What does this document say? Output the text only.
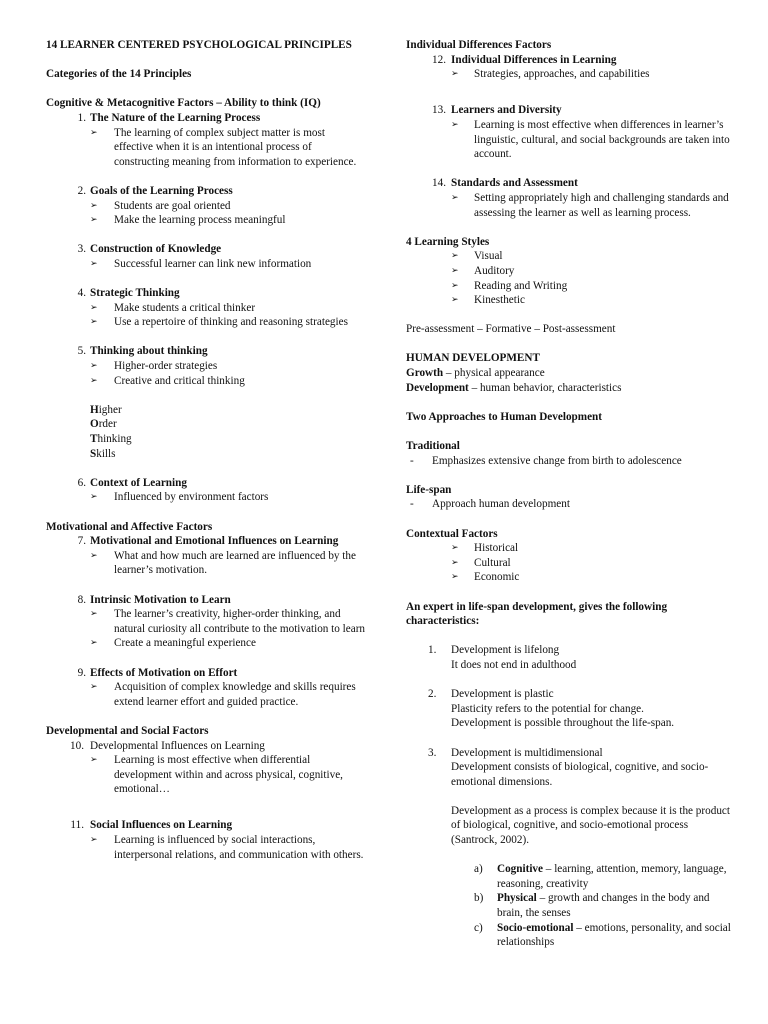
14 LEARNER CENTERED PSYCHOLOGICAL PRINCIPLES
Categories of the 14 Principles
Cognitive & Metacognitive Factors – Ability to think (IQ)
1. The Nature of the Learning Process
➢ The learning of complex subject matter is most effective when it is an intentional process of constructing meaning from information to experience.
2. Goals of the Learning Process
➢ Students are goal oriented
➢ Make the learning process meaningful
3. Construction of Knowledge
➢ Successful learner can link new information
4. Strategic Thinking
➢ Make students a critical thinker
➢ Use a repertoire of thinking and reasoning strategies
5. Thinking about thinking
➢ Higher-order strategies
➢ Creative and critical thinking
Higher
Order
Thinking
Skills
6. Context of Learning
➢ Influenced by environment factors
Motivational and Affective Factors
7. Motivational and Emotional Influences on Learning
➢ What and how much are learned are influenced by the learner’s motivation.
8. Intrinsic Motivation to Learn
➢ The learner’s creativity, higher-order thinking, and natural curiosity all contribute to the motivation to learn
➢ Create a meaningful experience
9. Effects of Motivation on Effort
➢ Acquisition of complex knowledge and skills requires extend learner effort and guided practice.
Developmental and Social Factors
10. Developmental Influences on Learning
➢ Learning is most effective when differential development within and across physical, cognitive, emotional…
11. Social Influences on Learning
➢ Learning is influenced by social interactions, interpersonal relations, and communication with others.
Individual Differences Factors
12. Individual Differences in Learning
➢ Strategies, approaches, and capabilities
13. Learners and Diversity
➢ Learning is most effective when differences in learner’s linguistic, cultural, and social backgrounds are taken into account.
14. Standards and Assessment
➢ Setting appropriately high and challenging standards and assessing the learner as well as learning process.
4 Learning Styles
➢ Visual
➢ Auditory
➢ Reading and Writing
➢ Kinesthetic
Pre-assessment – Formative – Post-assessment
HUMAN DEVELOPMENT
Growth – physical appearance
Development – human behavior, characteristics
Two Approaches to Human Development
Traditional
- Emphasizes extensive change from birth to adolescence
Life-span
- Approach human development
Contextual Factors
➢ Historical
➢ Cultural
➢ Economic
An expert in life-span development, gives the following characteristics:
1. Development is lifelong
It does not end in adulthood
2. Development is plastic
Plasticity refers to the potential for change.
Development is possible throughout the life-span.
3. Development is multidimensional
Development consists of biological, cognitive, and socio-emotional dimensions.
Development as a process is complex because it is the product of biological, cognitive, and socio-emotional process (Santrock, 2002).
a) Cognitive – learning, attention, memory, language, reasoning, creativity
b) Physical – growth and changes in the body and brain, the senses
c) Socio-emotional – emotions, personality, and social relationships
